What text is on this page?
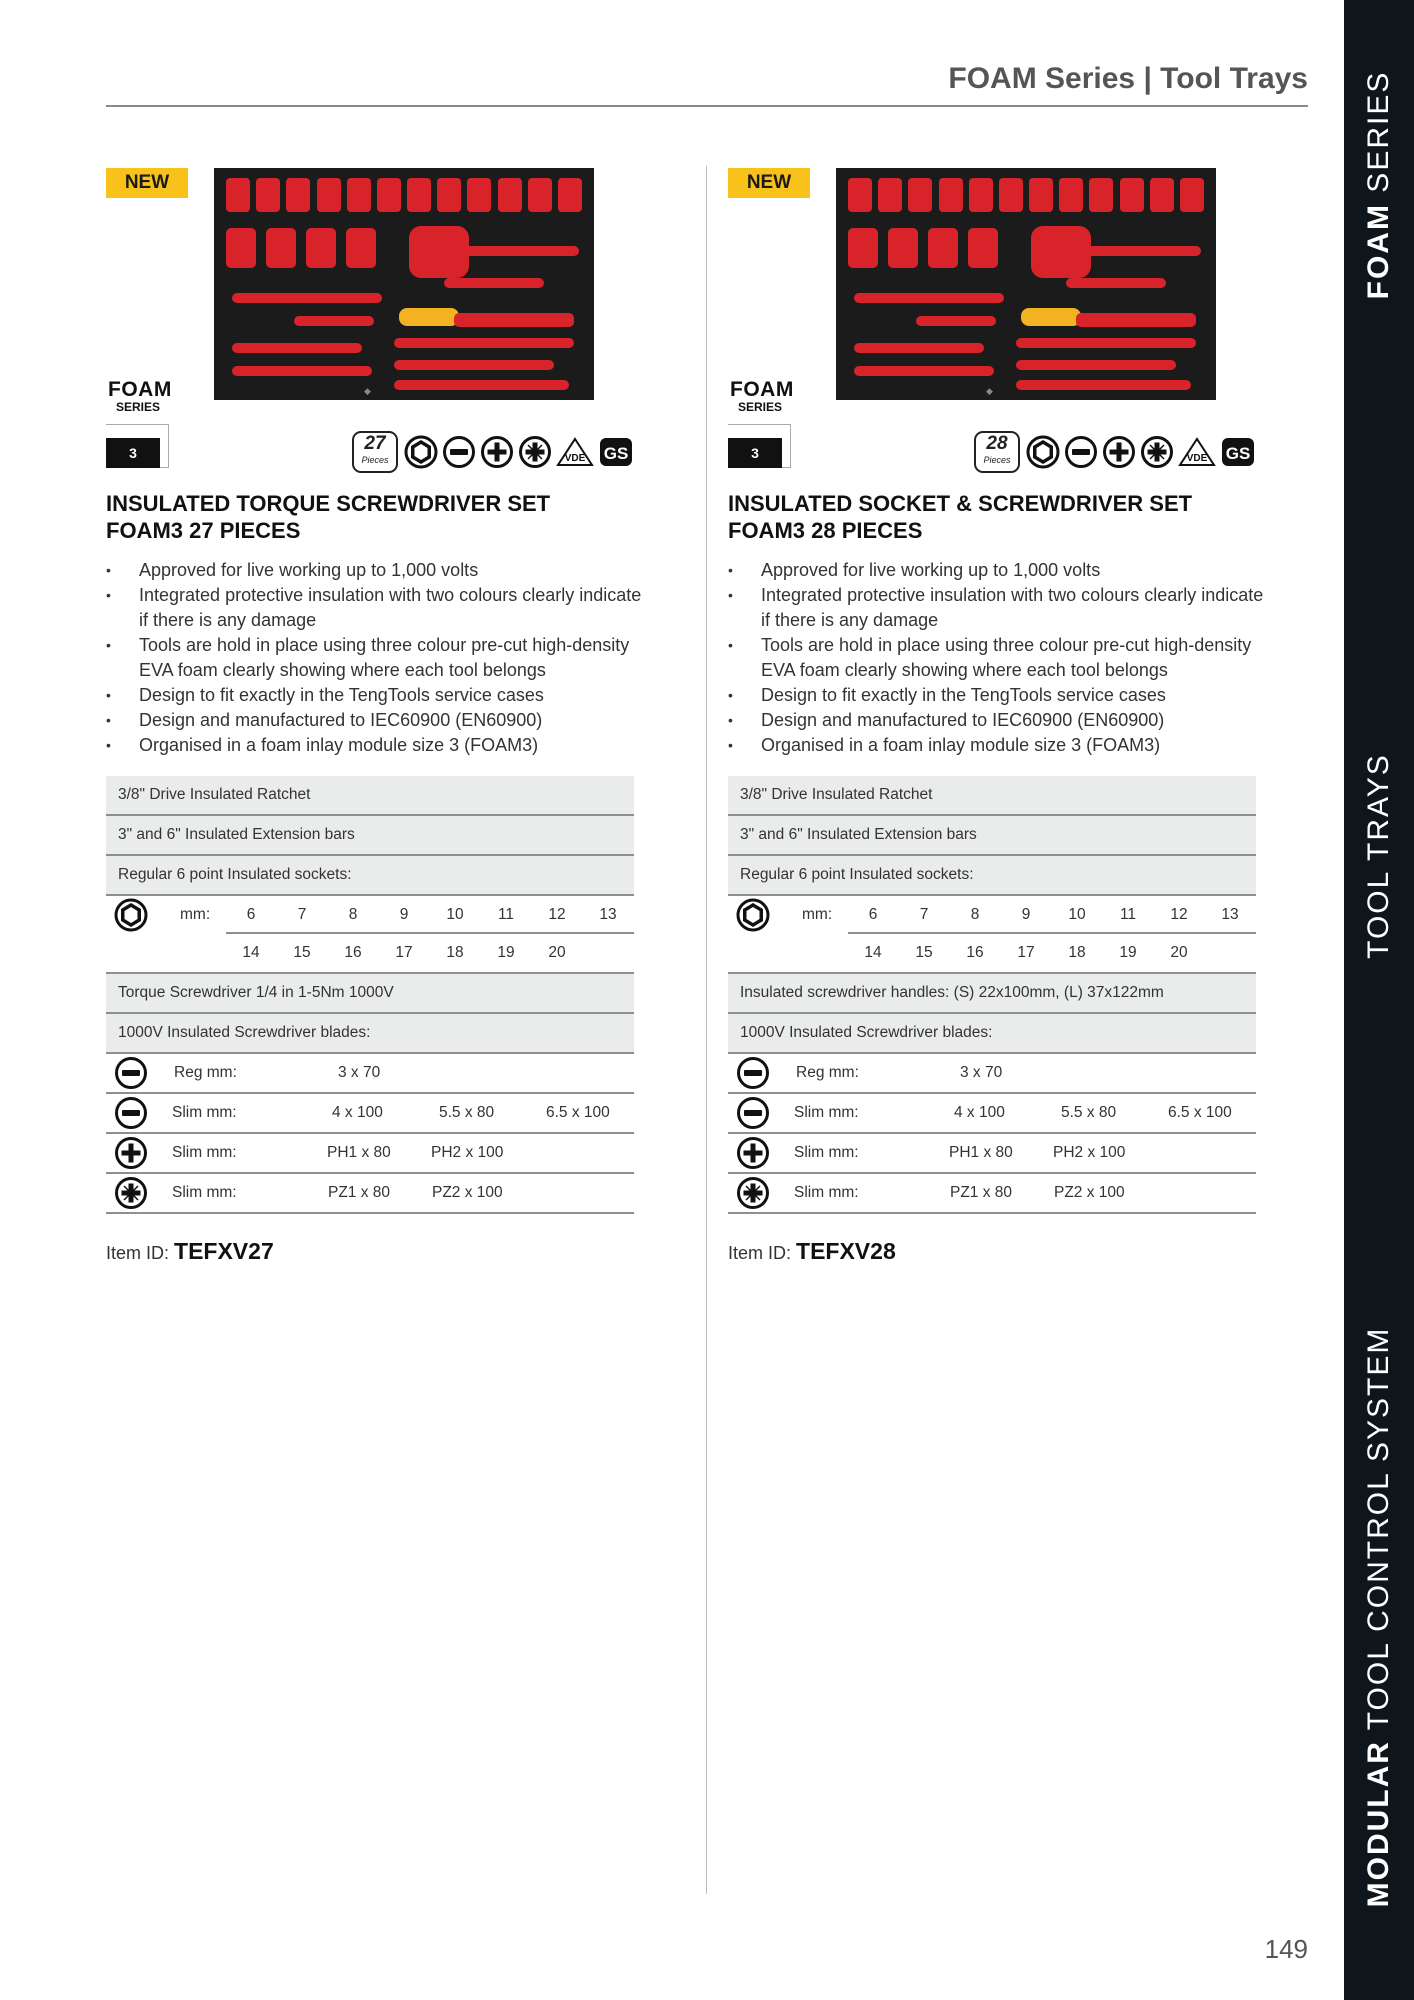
FOAM Series | Tool Trays
FOAM SERIES
TOOL TRAYS
MODULAR TOOL CONTROL SYSTEM
149
NEW
◆
FOAM
SERIES
3	27
Pieces	VDE GS
INSULATED TORQUE SCREWDRIVER SET
FOAM3 27 PIECES
• Approved for live working up to 1,000 volts
• Integrated protective insulation with two colours clearly indicate if there is any damage
• Tools are hold in place using three colour pre-cut high-density EVA foam clearly showing where each tool belongs
• Design to fit exactly in the TengTools service cases
• Design and manufactured to IEC60900 (EN60900)
• Organised in a foam inlay module size 3 (FOAM3)
3/8" Drive Insulated Ratchet
3" and 6" Insulated Extension bars
Regular 6 point Insulated sockets:
mm:	6	7	8	9	10	11	12	13
14	15	16	17	18	19	20
Torque Screwdriver 1/4 in 1-5Nm 1000V
1000V Insulated Screwdriver blades:
Reg mm:	3 x 70
Slim mm:	4 x 100	5.5 x 80	6.5 x 100
Slim mm:	PH1 x 80	PH2 x 100
Slim mm:	PZ1 x 80	PZ2 x 100
Item ID: TEFXV27
NEW
◆
FOAM
SERIES
3	28
Pieces	VDE GS
INSULATED SOCKET & SCREWDRIVER SET
FOAM3 28 PIECES
• Approved for live working up to 1,000 volts
• Integrated protective insulation with two colours clearly indicate if there is any damage
• Tools are hold in place using three colour pre-cut high-density EVA foam clearly showing where each tool belongs
• Design to fit exactly in the TengTools service cases
• Design and manufactured to IEC60900 (EN60900)
• Organised in a foam inlay module size 3 (FOAM3)
3/8" Drive Insulated Ratchet
3" and 6" Insulated Extension bars
Regular 6 point Insulated sockets:
mm:	6	7	8	9	10	11	12	13
14	15	16	17	18	19	20
Insulated screwdriver handles: (S) 22x100mm, (L) 37x122mm
1000V Insulated Screwdriver blades:
Reg mm:	3 x 70
Slim mm:	4 x 100	5.5 x 80	6.5 x 100
Slim mm:	PH1 x 80	PH2 x 100
Slim mm:	PZ1 x 80	PZ2 x 100
Item ID: TEFXV28
